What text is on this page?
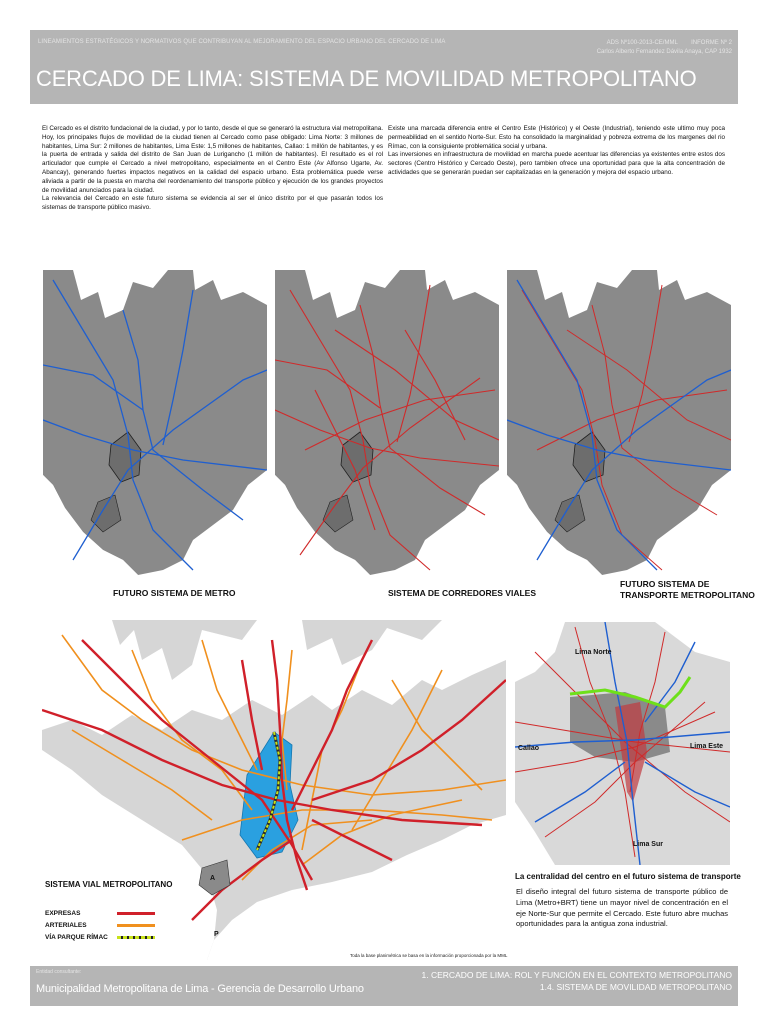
LINEAMIENTOS ESTRATÉGICOS Y NORMATIVOS QUE CONTRIBUYAN AL MEJORAMIENTO DEL ESPACIO URBANO DEL CERCADO DE LIMA	ADS Nº100-2013-CE/MML INFORME Nº 2
Carlos Alberto Fernandez Dávila Anaya, CAP 1932
CERCADO DE LIMA: SISTEMA DE MOVILIDAD METROPOLITANO

El Cercado es el distrito fundacional de la ciudad, y por lo tanto, desde el que se generaró la estructura vial metropolitana. Hoy, los principales flujos de movilidad de la ciudad tienen al Cercado como pase obligado: Lima Norte: 3 millones de habitantes, Lima Sur: 2 millones de habitantes, Lima Este: 1,5 millones de habitantes, Callao: 1 millón de habitantes, y es la puerta de entrada y salida del distrito de San Juan de Lurigancho (1 millón de habitantes). El resultado es el rol articulador que cumple el Cercado a nivel metropolitano, especialmente en el Centro Este (Av Alfonso Ugarte, Av. Abancay), generando fuertes impactos negativos en la calidad del espacio urbano. Esta problemática puede verse aliviada a partir de la puesta en marcha del reordenamiento del transporte público y ejecución de los grandes proyectos de movilidad anunciados para la ciudad.

La relevancia del Cercado en este futuro sistema se evidencia al ser el único distrito por el que pasarán todos los sistemas de transporte público masivo.

Existe una marcada diferencia entre el Centro Este (Histórico) y el Oeste (Industrial), teniendo este ultimo muy poca permeabilidad en el sentido Norte-Sur. Esto ha consolidado la marginalidad y pobreza extrema de los margenes del rio Rímac, con la consiguiente problemática social y urbana.

Las inversiones en infraestructura de movilidad en marcha puede acentuar las diferencias ya existentes entre estos dos sectores (Centro Histórico y Cercado Oeste), pero tambien ofrece una oportunidad para que la alta concentración de actividades que se generarán puedan ser capitalizadas en la generación y mejora del espacio urbano.

FUTURO SISTEMA DE METRO	SISTEMA DE CORREDORES VIALES
FUTURO SISTEMA DE
TRANSPORTE METROPOLITANO
A
P
Lima Norte
Callao	Lima Este
Lima Sur
SISTEMA VIAL METROPOLITANO
EXPRESAS
ARTERIALES
VÍA PARQUE RÍMAC
Toda la base planimétrica se basa en la información proporcionada por la MML
La centralidad del centro en el futuro sistema de transporte
El diseño integral del futuro sistema de transporte público de Lima (Metro+BRT) tiene un mayor nivel de concentración en el eje Norte-Sur que permite el Cercado. Este futuro abre muchas oportunidades para la antigua zona industrial.
Entidad consultante:
Municipalidad Metropolitana de Lima - Gerencia de Desarrollo Urbano
1. CERCADO DE LIMA: ROL Y FUNCIÓN EN EL CONTEXTO METROPOLITANO
1.4. SISTEMA DE MOVILIDAD METROPOLITANO
